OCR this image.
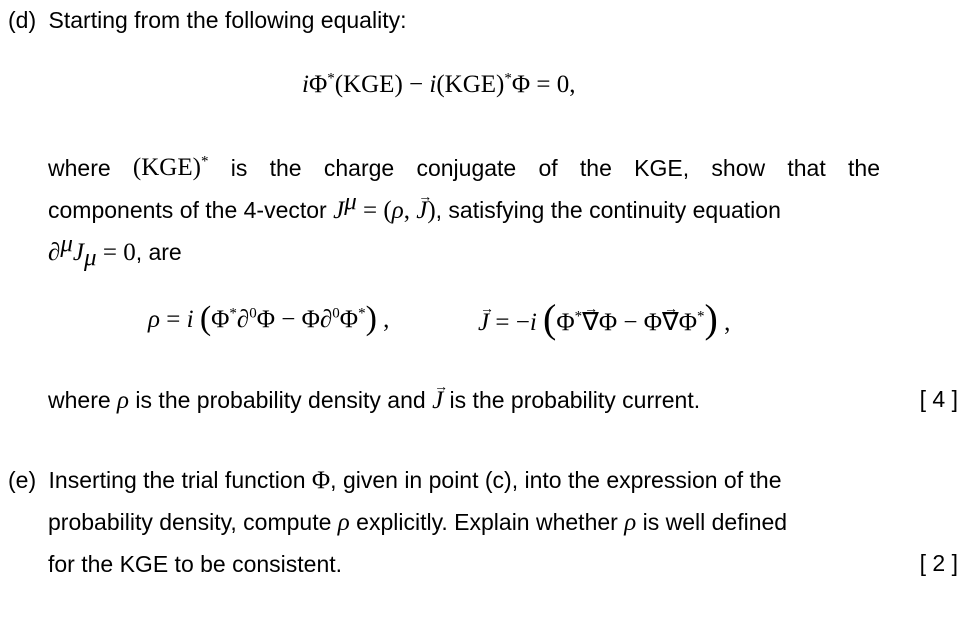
(d) Starting from the following equality:
iΦ*(KGE) − i(KGE)*Φ = 0,
where (KGE)* is the charge conjugate of the KGE, show that the
components of the 4-vector $J^\mu = (\rho$, J →), satisfying the continuity equation
$\partial^\mu J_\mu = 0$, are
ρ = i (Φ*∂$^0$Φ − Φ∂$^0$Φ*) ,	J → = −i (Φ*∇ →Φ − Φ∇ →Φ*) ,
where ρ is the probability density and J → is the probability current.	[ 4 ]
(e) Inserting the trial function Φ, given in point (c), into the expression of the
probability density, compute ρ explicitly. Explain whether ρ is well defined
for the KGE to be consistent.	[ 2 ]
